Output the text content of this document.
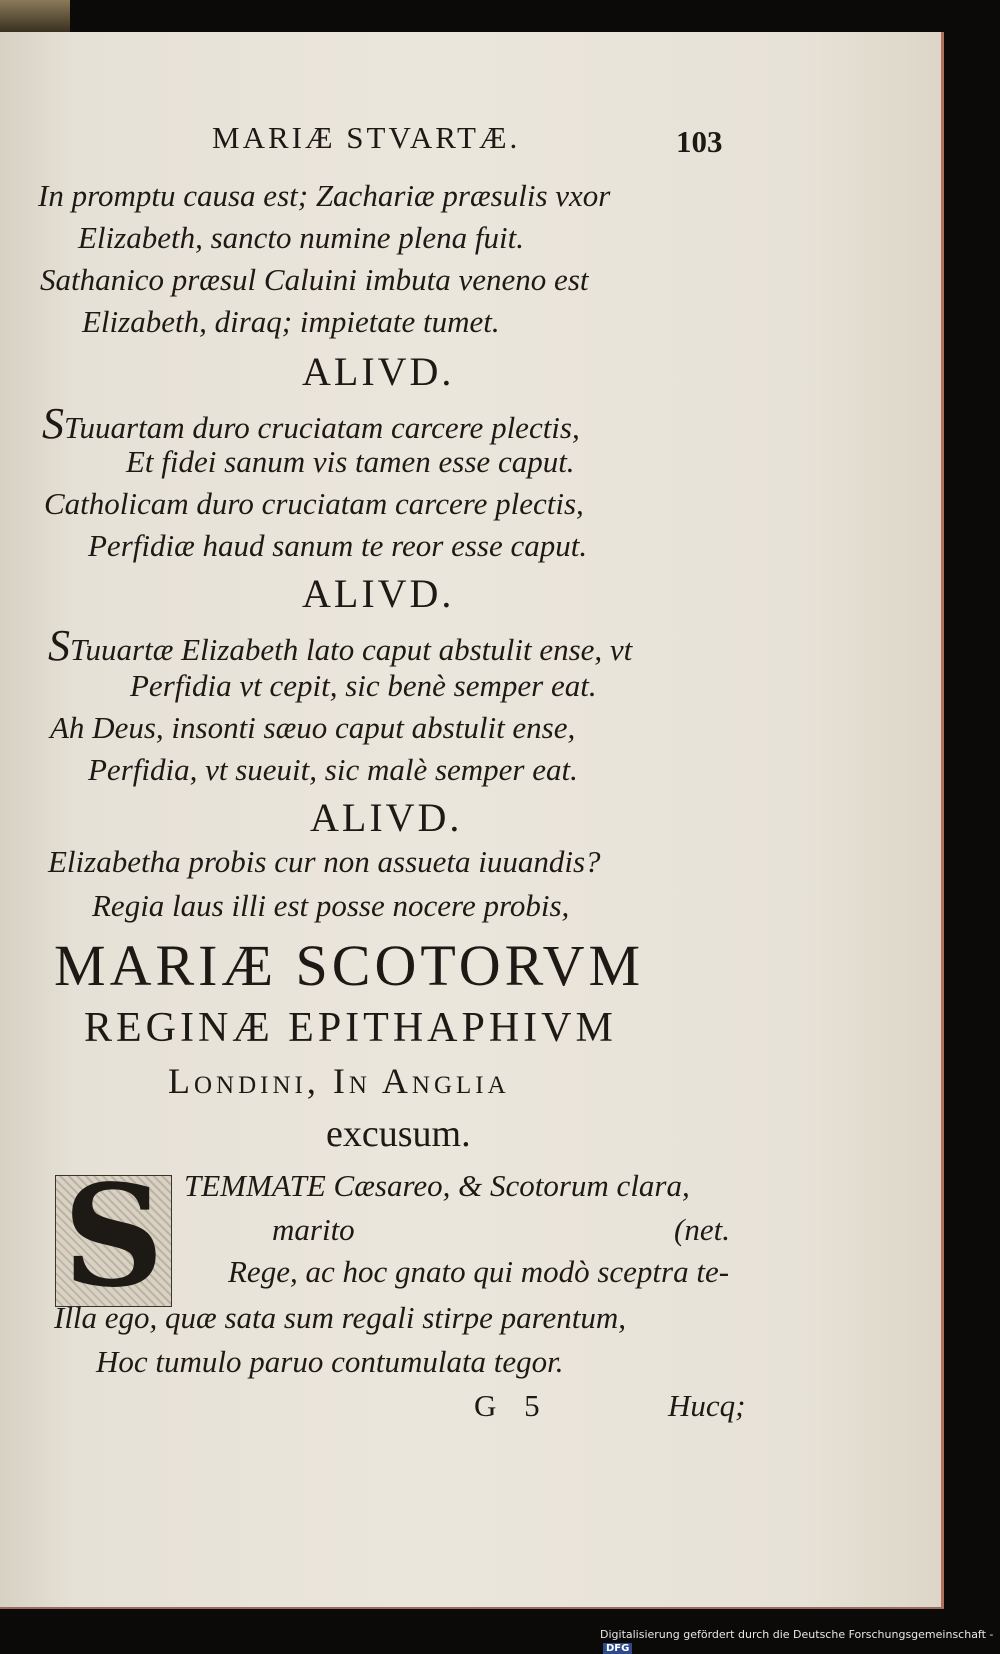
MARIÆ STVARTÆ.	103
In promptu causa est; Zachariæ præsulis vxor
Elizabeth, sancto numine plena fuit.
Sathanico præsul Caluini imbuta veneno est
Elizabeth, diraq; impietate tumet.
ALIVD.
STuuartam duro cruciatam carcere plectis,
Et fidei sanum vis tamen esse caput.
Catholicam duro cruciatam carcere plectis,
Perfidiæ haud sanum te reor esse caput.
ALIVD.
STuuartæ Elizabeth lato caput abstulit ense, vt
Perfidia vt cepit, sic benè semper eat.
Ah Deus, insonti sæuo caput abstulit ense,
Perfidia, vt sueuit, sic malè semper eat.
ALIVD.
Elizabetha probis cur non assueta iuuandis?
Regia laus illi est posse nocere probis,
MARIÆ SCOTORVM
REGINÆ EPITHAPHIVM
Londini, In Anglia
excusum.
S TEMMATE Cæsareo, & Scotorum clara,
marito	(net.
Rege, ac hoc gnato qui modò sceptra te-
Illa ego, quæ sata sum regali stirpe parentum,
Hoc tumulo paruo contumulata tegor.
G 5	Hucq;
Digitalisierung gefördert durch die Deutsche Forschungsgemeinschaft -DFG
